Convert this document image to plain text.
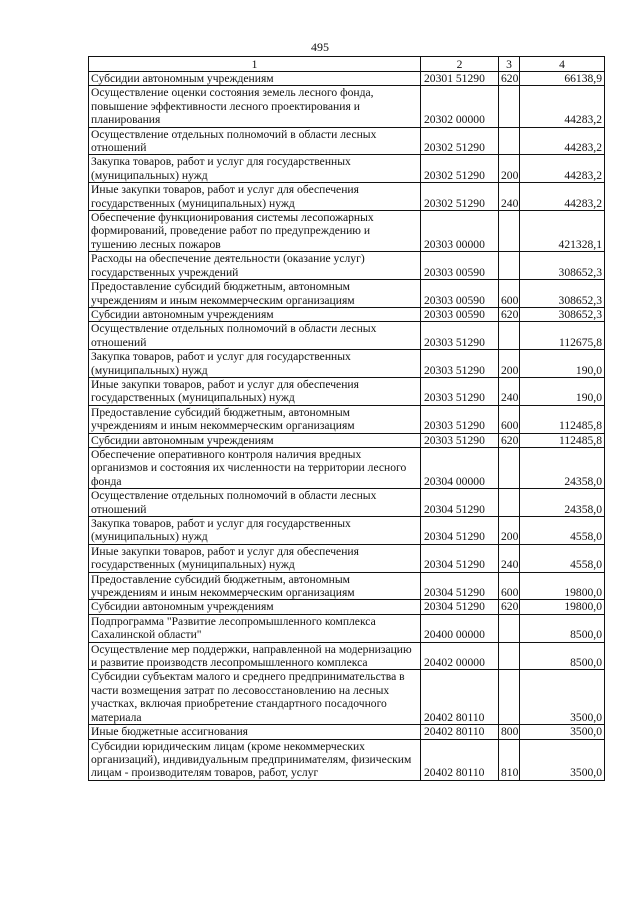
495
1	2	3	4
Субсидии автономным учреждениям	20301 51290	620	66138,9
Осуществление оценки состояния земель лесного фонда, повышение эффективности лесного проектирования и планирования	20302 00000		44283,2
Осуществление отдельных полномочий в области лесных отношений	20302 51290		44283,2
Закупка товаров, работ и услуг для государственных (муниципальных) нужд	20302 51290	200	44283,2
Иные закупки товаров, работ и услуг для обеспечения государственных (муниципальных) нужд	20302 51290	240	44283,2
Обеспечение функционирования системы лесопожарных формирований, проведение работ по предупреждению и тушению лесных пожаров	20303 00000		421328,1
Расходы на обеспечение деятельности (оказание услуг) государственных учреждений	20303 00590		308652,3
Предоставление субсидий бюджетным, автономным учреждениям и иным некоммерческим организациям	20303 00590	600	308652,3
Субсидии автономным учреждениям	20303 00590	620	308652,3
Осуществление отдельных полномочий в области лесных отношений	20303 51290		112675,8
Закупка товаров, работ и услуг для государственных (муниципальных) нужд	20303 51290	200	190,0
Иные закупки товаров, работ и услуг для обеспечения государственных (муниципальных) нужд	20303 51290	240	190,0
Предоставление субсидий бюджетным, автономным учреждениям и иным некоммерческим организациям	20303 51290	600	112485,8
Субсидии автономным учреждениям	20303 51290	620	112485,8
Обеспечение оперативного контроля наличия вредных организмов и состояния их численности на территории лесного фонда	20304 00000		24358,0
Осуществление отдельных полномочий в области лесных отношений	20304 51290		24358,0
Закупка товаров, работ и услуг для государственных (муниципальных) нужд	20304 51290	200	4558,0
Иные закупки товаров, работ и услуг для обеспечения государственных (муниципальных) нужд	20304 51290	240	4558,0
Предоставление субсидий бюджетным, автономным учреждениям и иным некоммерческим организациям	20304 51290	600	19800,0
Субсидии автономным учреждениям	20304 51290	620	19800,0
Подпрограмма "Развитие лесопромышленного комплекса Сахалинской области"	20400 00000		8500,0
Осуществление мер поддержки, направленной на модернизацию и развитие производств лесопромышленного комплекса	20402 00000		8500,0
Субсидии субъектам малого и среднего предпринимательства в части возмещения затрат по лесовосстановлению на лесных участках, включая приобретение стандартного посадочного материала	20402 80110		3500,0
Иные бюджетные ассигнования	20402 80110	800	3500,0
Субсидии юридическим лицам (кроме некоммерческих организаций), индивидуальным предпринимателям, физическим лицам - производителям товаров, работ, услуг	20402 80110	810	3500,0
